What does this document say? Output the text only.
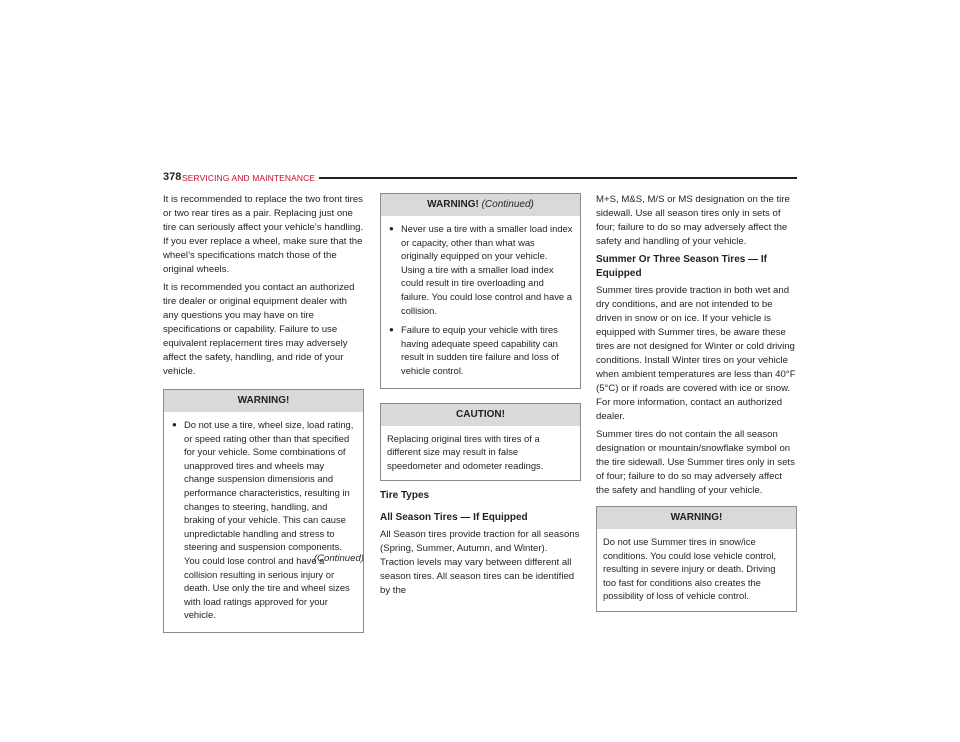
378 SERVICING AND MAINTENANCE

It is recommended to replace the two front tires or two rear tires as a pair. Replacing just one tire can seriously affect your vehicle’s handling. If you ever replace a wheel, make sure that the wheel’s specifications match those of the original wheels.

It is recommended you contact an authorized tire dealer or original equipment dealer with any questions you may have on tire specifications or capability. Failure to use equivalent replacement tires may adversely affect the safety, handling, and ride of your vehicle.

WARNING!
● Do not use a tire, wheel size, load rating, or speed rating other than that specified for your vehicle. Some combinations of unapproved tires and wheels may change suspension dimensions and performance characteristics, resulting in changes to steering, handling, and braking of your vehicle. This can cause unpredictable handling and stress to steering and suspension components. You could lose control and have a collision resulting in serious injury or death. Use only the tire and wheel sizes with load ratings approved for your vehicle.
(Continued)
WARNING! (Continued)
● Never use a tire with a smaller load index or capacity, other than what was originally equipped on your vehicle. Using a tire with a smaller load index could result in tire overloading and failure. You could lose control and have a collision.
● Failure to equip your vehicle with tires having adequate speed capability can result in sudden tire failure and loss of vehicle control.
CAUTION!

Replacing original tires with tires of a different size may result in false speedometer and odometer readings.

Tire Types
All Season Tires — If Equipped

All Season tires provide traction for all seasons (Spring, Summer, Autumn, and Winter). Traction levels may vary between different all season tires. All season tires can be identified by the

M+S, M&S, M/S or MS designation on the tire sidewall. Use all season tires only in sets of four; failure to do so may adversely affect the safety and handling of your vehicle.

Summer Or Three Season Tires — If Equipped

Summer tires provide traction in both wet and dry conditions, and are not intended to be driven in snow or on ice. If your vehicle is equipped with Summer tires, be aware these tires are not designed for Winter or cold driving conditions. Install Winter tires on your vehicle when ambient temperatures are less than 40°F (5°C) or if roads are covered with ice or snow. For more information, contact an authorized dealer.

Summer tires do not contain the all season designation or mountain/snowflake symbol on the tire sidewall. Use Summer tires only in sets of four; failure to do so may adversely affect the safety and handling of your vehicle.

WARNING!

Do not use Summer tires in snow/ice conditions. You could lose vehicle control, resulting in severe injury or death. Driving too fast for conditions also creates the possibility of loss of vehicle control.
